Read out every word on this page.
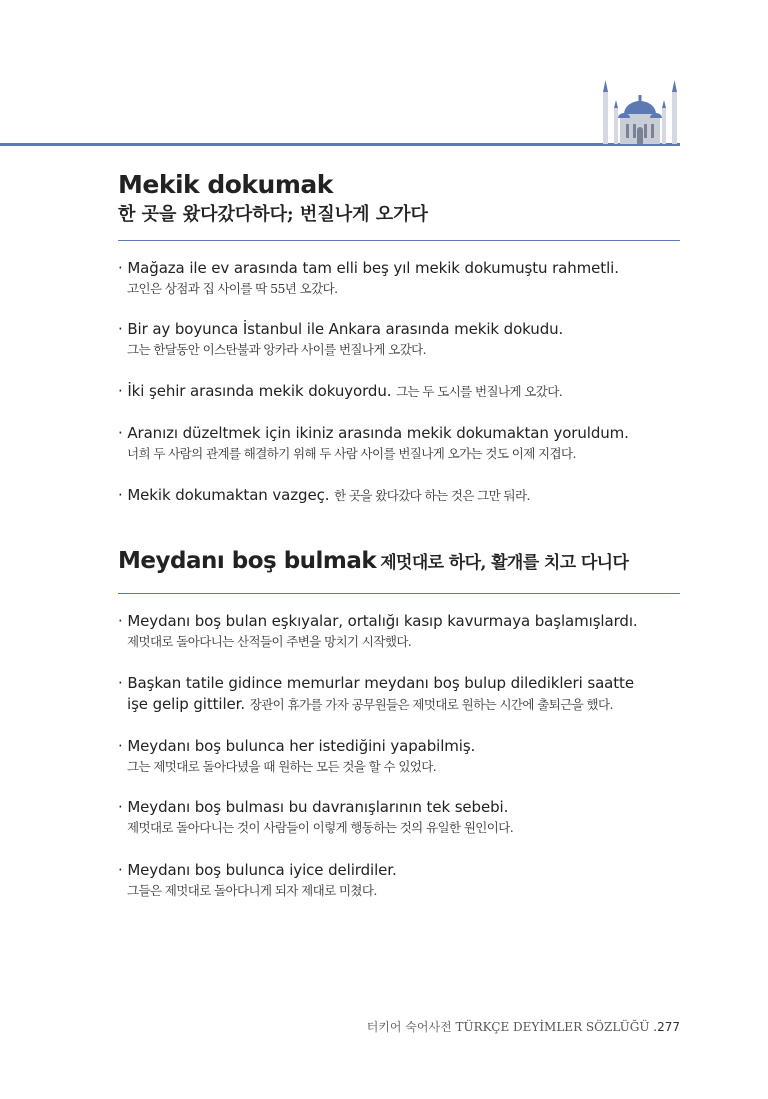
Mekik dokumak
한 곳을 왔다갔다하다; 번질나게 오가다
· Mağaza ile ev arasında tam elli beş yıl mekik dokumuştu rahmetli.
고인은 상점과 집 사이를 딱 55년 오갔다.
· Bir ay boyunca İstanbul ile Ankara arasında mekik dokudu.
그는 한달동안 이스탄불과 앙카라 사이를 번질나게 오갔다.
· İki şehir arasında mekik dokuyordu. 그는 두 도시를 번질나게 오갔다.
· Aranızı düzeltmek için ikiniz arasında mekik dokumaktan yoruldum.
너희 두 사람의 관계를 해결하기 위해 두 사람 사이를 번질나게 오가는 것도 이제 지겹다.
· Mekik dokumaktan vazgeç. 한 곳을 왔다갔다 하는 것은 그만 둬라.
Meydanı boş bulmak 제멋대로 하다, 활개를 치고 다니다
· Meydanı boş bulan eşkıyalar, ortalığı kasıp kavurmaya başlamışlardı.
제멋대로 돌아다니는 산적들이 주변을 망치기 시작했다.
· Başkan tatile gidince memurlar meydanı boş bulup diledikleri saatte
işe gelip gittiler. 장관이 휴가를 가자 공무원들은 제멋대로 원하는 시간에 출퇴근을 했다.
· Meydanı boş bulunca her istediğini yapabilmiş.
그는 제멋대로 돌아다녔을 때 원하는 모든 것을 할 수 있었다.
· Meydanı boş bulması bu davranışlarının tek sebebi.
제멋대로 돌아다니는 것이 사람들이 이렇게 행동하는 것의 유일한 원인이다.
· Meydanı boş bulunca iyice delirdiler.
그들은 제멋대로 돌아다니게 되자 제대로 미쳤다.
터키어 숙어사전 TÜRKÇE DEYİMLER SÖZLÜĞÜ .277
